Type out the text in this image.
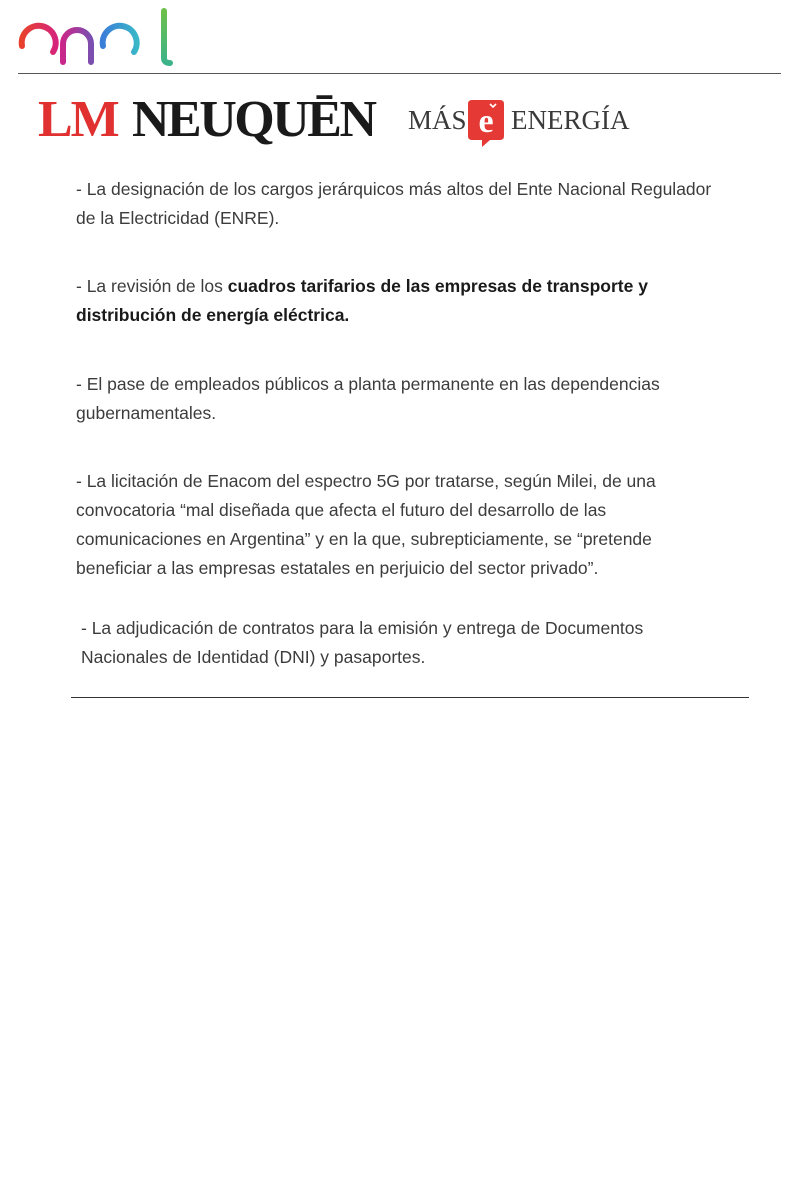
LM NEUQUĒN MÁS e ENERGÍA

- La designación de los cargos jerárquicos más altos del Ente Nacional Regulador de la Electricidad (ENRE).

- La revisión de los cuadros tarifarios de las empresas de transporte y distribución de energía eléctrica.

- El pase de empleados públicos a planta permanente en las dependencias gubernamentales.

- La licitación de Enacom del espectro 5G por tratarse, según Milei, de una convocatoria “mal diseñada que afecta el futuro del desarrollo de las comunicaciones en Argentina” y en la que, subrepticiamente, se “pretende beneficiar a las empresas estatales en perjuicio del sector privado”.

- La adjudicación de contratos para la emisión y entrega de Documentos Nacionales de Identidad (DNI) y pasaportes.
